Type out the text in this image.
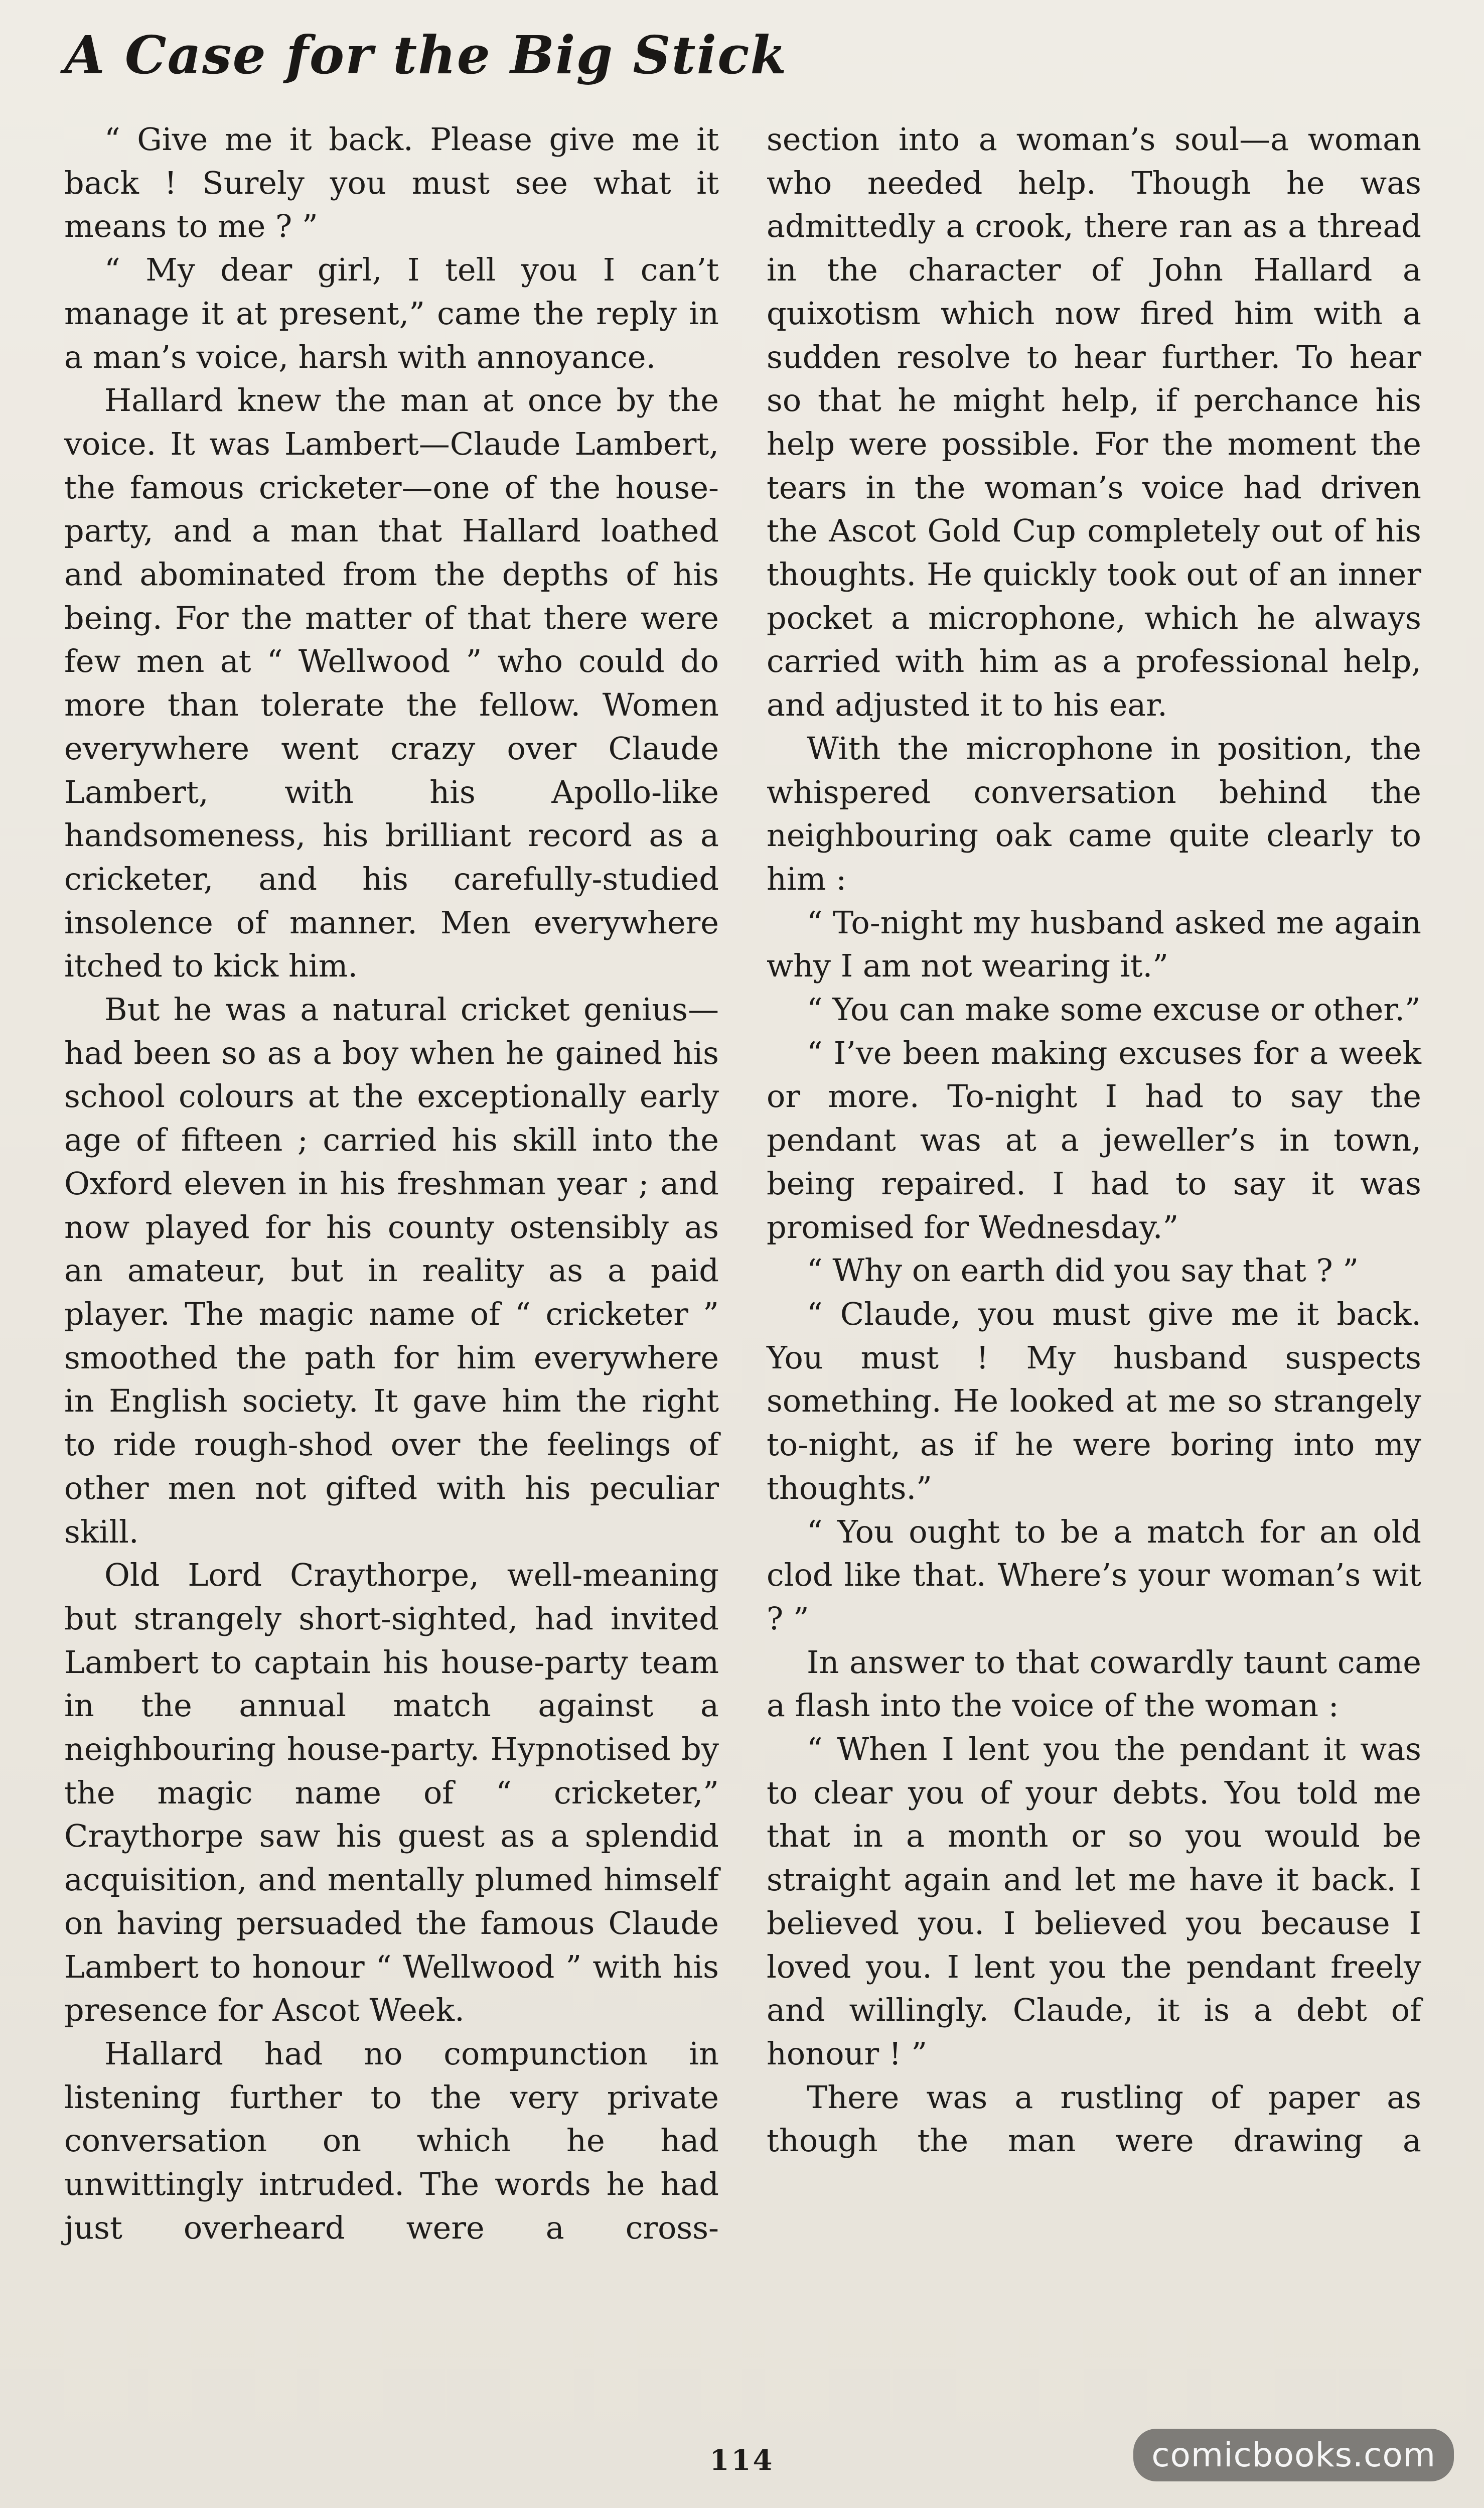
A Case for the Big Stick

“ Give me it back. Please give me it back ! Surely you must see what it means to me ? ”

“ My dear girl, I tell you I can’t manage it at present,” came the reply in a man’s voice, harsh with annoyance.

Hallard knew the man at once by the voice. It was Lambert—Claude Lambert, the famous cricketer—one of the house-party, and a man that Hallard loathed and abominated from the depths of his being. For the matter of that there were few men at “ Wellwood ” who could do more than tolerate the fellow. Women everywhere went crazy over Claude Lambert, with his Apollo-like handsomeness, his brilliant record as a cricketer, and his carefully-studied insolence of manner. Men everywhere itched to kick him.

But he was a natural cricket genius—had been so as a boy when he gained his school colours at the exceptionally early age of fifteen ; carried his skill into the Oxford eleven in his freshman year ; and now played for his county ostensibly as an amateur, but in reality as a paid player. The magic name of “ cricketer ” smoothed the path for him everywhere in English society. It gave him the right to ride rough-shod over the feelings of other men not gifted with his peculiar skill.

Old Lord Craythorpe, well-meaning but strangely short-sighted, had invited Lambert to captain his house-party team in the annual match against a neighbouring house-party. Hypnotised by the magic name of “ cricketer,” Craythorpe saw his guest as a splendid acquisition, and mentally plumed himself on having persuaded the famous Claude Lambert to honour “ Wellwood ” with his presence for Ascot Week.

Hallard had no compunction in listening further to the very private conversation on which he had unwittingly intruded. The words he had just overheard were a cross-

section into a woman’s soul—a woman who needed help. Though he was admittedly a crook, there ran as a thread in the character of John Hallard a quixotism which now fired him with a sudden resolve to hear further. To hear so that he might help, if perchance his help were possible. For the moment the tears in the woman’s voice had driven the Ascot Gold Cup completely out of his thoughts. He quickly took out of an inner pocket a microphone, which he always carried with him as a professional help, and adjusted it to his ear.

With the microphone in position, the whispered conversation behind the neighbouring oak came quite clearly to him :

“ To-night my husband asked me again why I am not wearing it.”

“ You can make some excuse or other.”

“ I’ve been making excuses for a week or more. To-night I had to say the pendant was at a jeweller’s in town, being repaired. I had to say it was promised for Wednesday.”

“ Why on earth did you say that ? ”

“ Claude, you must give me it back. You must ! My husband suspects something. He looked at me so strangely to-night, as if he were boring into my thoughts.”

“ You ought to be a match for an old clod like that. Where’s your woman’s wit ? ”

In answer to that cowardly taunt came a flash into the voice of the woman :

“ When I lent you the pendant it was to clear you of your debts. You told me that in a month or so you would be straight again and let me have it back. I believed you. I believed you because I loved you. I lent you the pendant freely and willingly. Claude, it is a debt of honour ! ”

There was a rustling of paper as though the man were drawing a

114	comicbooks.com
